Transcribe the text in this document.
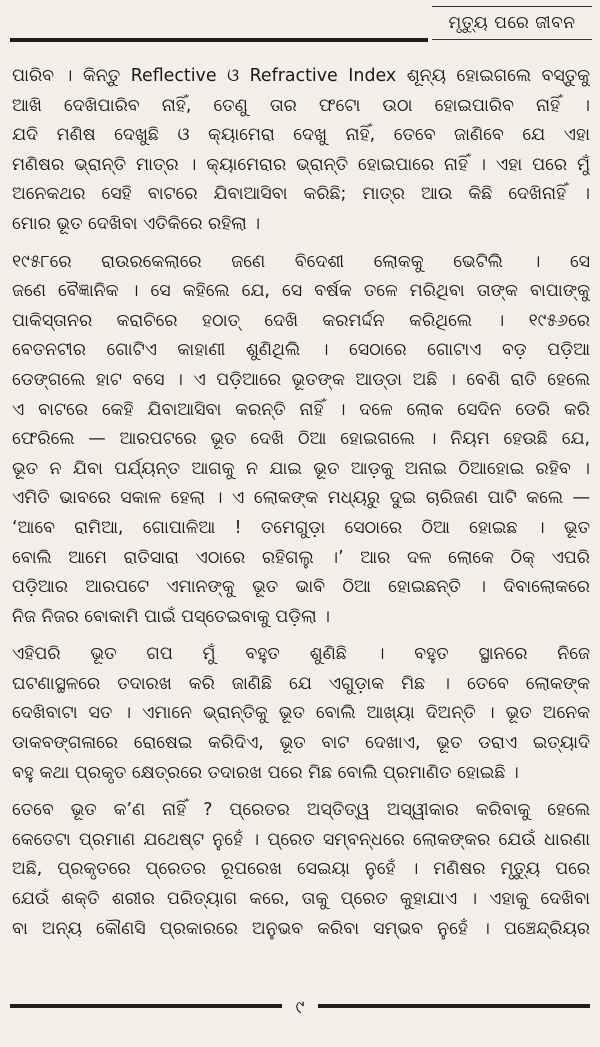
ମୃତ୍ୟୁ ପରେ ଜୀବନ
ପାରିବ । କିନ୍ତୁ Reflective ଓ Refractive Index ଶୂନ୍ୟ ହୋଇଗଲେ ବସ୍ତୁକୁ
ଆଖି ଦେଖିପାରିବ ନାହିଁ, ତେଣୁ ତାର ଫଟୋ ଉଠା ହୋଇପାରିବ ନାହିଁ ।
ଯଦି ମଣିଷ ଦେଖୁଛି ଓ କ୍ୟାମେରା ଦେଖୁ ନାହିଁ, ତେବେ ଜାଣିବେ ଯେ ଏହା
ମଣିଷର ଭ୍ରାନ୍ତି ମାତ୍ର । କ୍ୟାମେରାର ଭ୍ରାନ୍ତି ହୋଇପାରେ ନାହିଁ । ଏହା ପରେ ମୁଁ
ଅନେକଥର ସେହି ବାଟରେ ଯିବାଆସିବା କରିଛି; ମାତ୍ର ଆଉ କିଛି ଦେଖିନାହିଁ ।
ମୋର ଭୂତ ଦେଖିବା ଏତିକିରେ ରହିଲା ।
୧୯୫୮ରେ ରାଉରକେଲାରେ ଜଣେ ବିଦେଶୀ ଲୋକକୁ ଭେଟିଲି । ସେ
ଜଣେ ବୈଜ୍ଞାନିକ । ସେ କହିଲେ ଯେ, ସେ ବର୍ଷକ ତଳେ ମରିଥିବା ତାଙ୍କ ବାପାଙ୍କୁ
ପାକିସ୍ତାନର କରାଚିରେ ହଠାତ୍ ଦେଖି କରମର୍ଦ୍ଦନ କରିଥିଲେ । ୧୯୫୬ରେ
ବେତନଟୀର ଗୋଟିଏ କାହାଣୀ ଶୁଣିଥିଲି । ସେଠାରେ ଗୋଟାଏ ବଡ଼ ପଡ଼ିଆ
ଡେଙ୍ଗଲେ ହାଟ ବସେ । ଏ ପଡ଼ିଆରେ ଭୂତଙ୍କ ଆଡ୍ଡା ଅଛି । ବେଶି ରାତି ହେଲେ
ଏ ବାଟରେ କେହି ଯିବାଆସିବା କରନ୍ତି ନାହିଁ । ଦଳେ ଲୋକ ସେଦିନ ଡେରି କରି
ଫେରିଲେ — ଆରପଟରେ ଭୂତ ଦେଖି ଠିଆ ହୋଇଗଲେ । ନିୟମ ହେଉଛି ଯେ,
ଭୂତ ନ ଯିବା ପର୍ଯ୍ୟନ୍ତ ଆଗକୁ ନ ଯାଇ ଭୂତ ଆଡ଼କୁ ଅନାଇ ଠିଆହୋଇ ରହିବ ।
ଏମିତି ଭାବରେ ସକାଳ ହେଲା । ଏ ଲୋକଙ୍କ ମଧ୍ୟରୁ ଦୁଇ ଚାରିଜଣ ପାଟି କଲେ —
‘ଆବେ ରାମିଆ, ଗୋପାଳିଆ ! ତମେଗୁଡ଼ା ସେଠାରେ ଠିଆ ହୋଇଛ । ଭୂତ
ବୋଲି ଆମେ ରାତିସାରା ଏଠାରେ ରହିଗଲୁ ।’ ଆର ଦଳ ଲୋକେ ଠିକ୍ ଏପରି
ପଡ଼ିଆର ଆରପଟେ ଏମାନଙ୍କୁ ଭୂତ ଭାବି ଠିଆ ହୋଇଛନ୍ତି । ଦିବାଲୋକରେ
ନିଜ ନିଜର ବୋକାମି ପାଇଁ ପସ୍ତେଇବାକୁ ପଡ଼ିଲା ।
ଏହିପରି ଭୂତ ଗପ ମୁଁ ବହୁତ ଶୁଣିଛି । ବହୁତ ସ୍ଥାନରେ ନିଜେ
ଘଟଣାସ୍ଥଳରେ ତଦାରଖ କରି ଜାଣିଛି ଯେ ଏଗୁଡ଼ାକ ମିଛ । ତେବେ ଲୋକଙ୍କ
ଦେଖିବାଟା ସତ । ଏମାନେ ଭ୍ରାନ୍ତିକୁ ଭୂତ ବୋଲି ଆଖ୍ୟା ଦିଅନ୍ତି । ଭୂତ ଅନେକ
ଡାକବଙ୍ଗଳାରେ ରୋଷେଇ କରିଦିଏ, ଭୂତ ବାଟ ଦେଖାଏ, ଭୂତ ଡରାଏ ଇତ୍ୟାଦି
ବହୁ କଥା ପ୍ରକୃତ କ୍ଷେତ୍ରରେ ତଦାରଖ ପରେ ମିଛ ବୋଲି ପ୍ରମାଣିତ ହୋଇଛି ।
ତେବେ ଭୂତ କ’ଣ ନାହିଁ ? ପ୍ରେତର ଅସ୍ତିତ୍ୱ ଅସ୍ୱୀକାର କରିବାକୁ ହେଲେ
କେତେଟା ପ୍ରମାଣ ଯଥେଷ୍ଟ ନୁହେଁ । ପ୍ରେତ ସମ୍ବନ୍ଧରେ ଲୋକଙ୍କର ଯେଉଁ ଧାରଣା
ଅଛି, ପ୍ରକୃତରେ ପ୍ରେତର ରୂପରେଖ ସେଇୟା ନୁହେଁ । ମଣିଷର ମୃତ୍ୟୁ ପରେ
ଯେଉଁ ଶକ୍ତି ଶରୀର ପରିତ୍ୟାଗ କରେ, ତାକୁ ପ୍ରେତ କୁହାଯାଏ । ଏହାକୁ ଦେଖିବା
ବା ଅନ୍ୟ କୌଣସି ପ୍ରକାରରେ ଅନୁଭବ କରିବା ସମ୍ଭବ ନୁହେଁ । ପଞ୍ଚେନ୍ଦ୍ରିୟର
୯
